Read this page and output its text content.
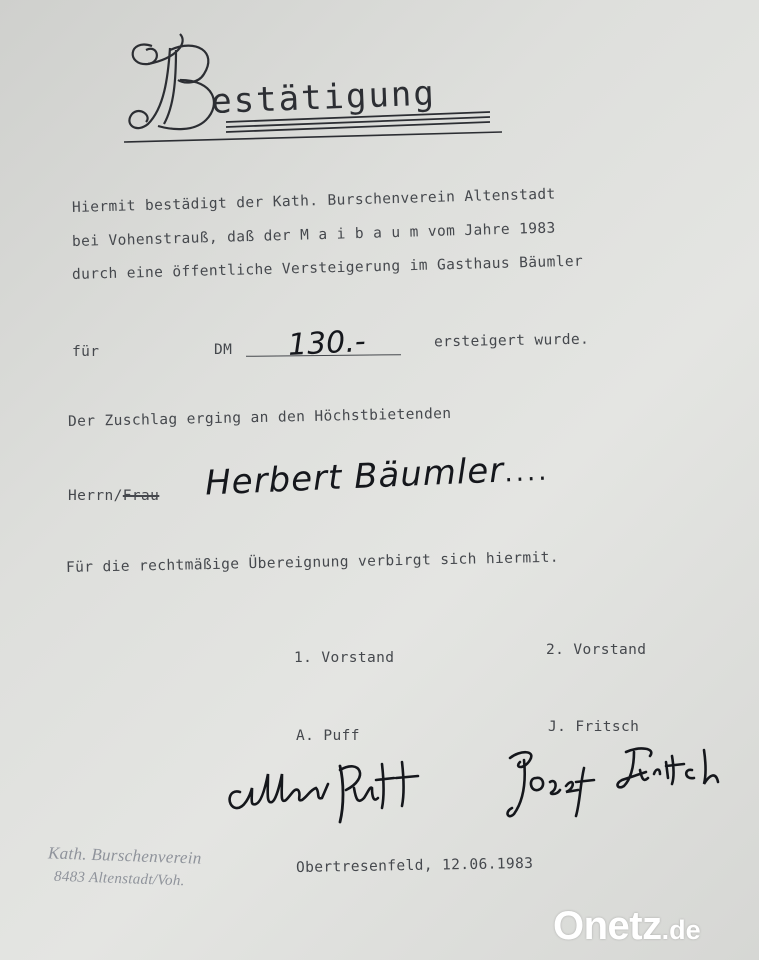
estätigung
Hiermit bestädigt der Kath. Burschenverein Altenstadt
bei Vohenstrauß, daß der M a i b a u m vom Jahre 1983
durch eine öffentliche Versteigerung im Gasthaus Bäumler
für	DM 130.-	ersteigert wurde.
Der Zuschlag erging an den Höchstbietenden
Herrn/Frau Herbert Bäumler....
Für die rechtmäßige Übereignung verbirgt sich hiermit.
1. Vorstand	2. Vorstand
A. Puff
J. Fritsch
Kath. Burschenverein
8483 Altenstadt/Voh.
Obertresenfeld, 12.06.1983
Onetz.de
